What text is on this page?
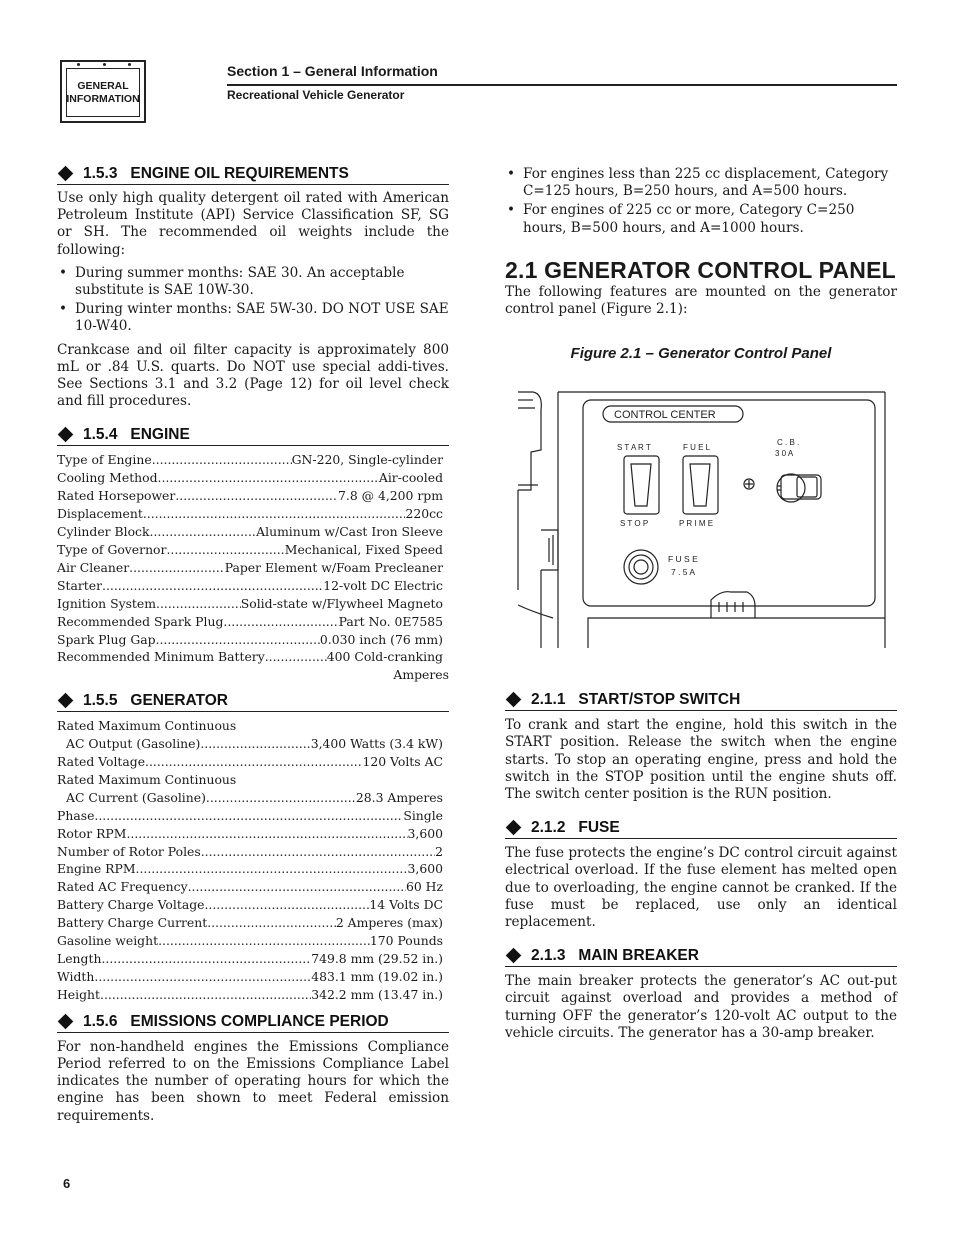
GENERAL
INFORMATION
Section 1 – General Information
Recreational Vehicle Generator
1.5.3   ENGINE OIL REQUIREMENTS

Use only high quality detergent oil rated with American Petroleum Institute (API) Service Classification SF, SG or SH. The recommended oil weights include the following:

• During summer months: SAE 30. An acceptable substitute is SAE 10W-30.
• During winter months: SAE 5W-30. DO NOT USE SAE 10-W40.

Crankcase and oil filter capacity is approximately 800 mL or .84 U.S. quarts. Do NOT use special addi-tives. See Sections 3.1 and 3.2 (Page 12) for oil level check and fill procedures.

1.5.4   ENGINE
Type of Engine .....	GN-220, Single-cylinder
Cooling Method .....	Air-cooled
Rated Horsepower .....	7.8 @ 4,200 rpm
Displacement .....	220cc
Cylinder Block .....	Aluminum w/Cast Iron Sleeve
Type of Governor .....	Mechanical, Fixed Speed
Air Cleaner .....	Paper Element w/Foam Precleaner
Starter .....	12-volt DC Electric
Ignition System .....	Solid-state w/Flywheel Magneto
Recommended Spark Plug .....	Part No. 0E7585
Spark Plug Gap .....	0.030 inch (76 mm)
Recommended Minimum Battery .....	400 Cold-cranking
Amperes
1.5.5   GENERATOR
Rated Maximum Continuous
AC Output (Gasoline) .....	3,400 Watts (3.4 kW)
Rated Voltage .....	120 Volts AC
Rated Maximum Continuous
AC Current (Gasoline) .....	28.3 Amperes
Phase .....	Single
Rotor RPM .....	3,600
Number of Rotor Poles .....	2
Engine RPM .....	3,600
Rated AC Frequency .....	60 Hz
Battery Charge Voltage .....	14 Volts DC
Battery Charge Current .....	2 Amperes (max)
Gasoline weight .....	170 Pounds
Length .....	749.8 mm (29.52 in.)
Width .....	483.1 mm (19.02 in.)
Height .....	342.2 mm (13.47 in.)
1.5.6   EMISSIONS COMPLIANCE PERIOD

For non-handheld engines the Emissions Compliance Period referred to on the Emissions Compliance Label indicates the number of operating hours for which the engine has been shown to meet Federal emission requirements.

• For engines less than 225 cc displacement, Category C=125 hours, B=250 hours, and A=500 hours.
• For engines of 225 cc or more, Category C=250 hours, B=500 hours, and A=1000 hours.
2.1 GENERATOR CONTROL PANEL

The following features are mounted on the generator control panel (Figure 2.1):

Figure 2.1 – Generator Control Panel
CONTROL CENTER
S T A R T
S T O P
F U E L
P R I M E
C . B .
3 0 A
F U S E
7 . 5 A
2.1.1   START/STOP SWITCH

To crank and start the engine, hold this switch in the START position. Release the switch when the engine starts. To stop an operating engine, press and hold the switch in the STOP position until the engine shuts off. The switch center position is the RUN position.

2.1.2   FUSE

The fuse protects the engine’s DC control circuit against electrical overload. If the fuse element has melted open due to overloading, the engine cannot be cranked. If the fuse must be replaced, use only an identical replacement.

2.1.3   MAIN BREAKER

The main breaker protects the generator’s AC out-put circuit against overload and provides a method of turning OFF the generator’s 120-volt AC output to the vehicle circuits. The generator has a 30-amp breaker.

6
